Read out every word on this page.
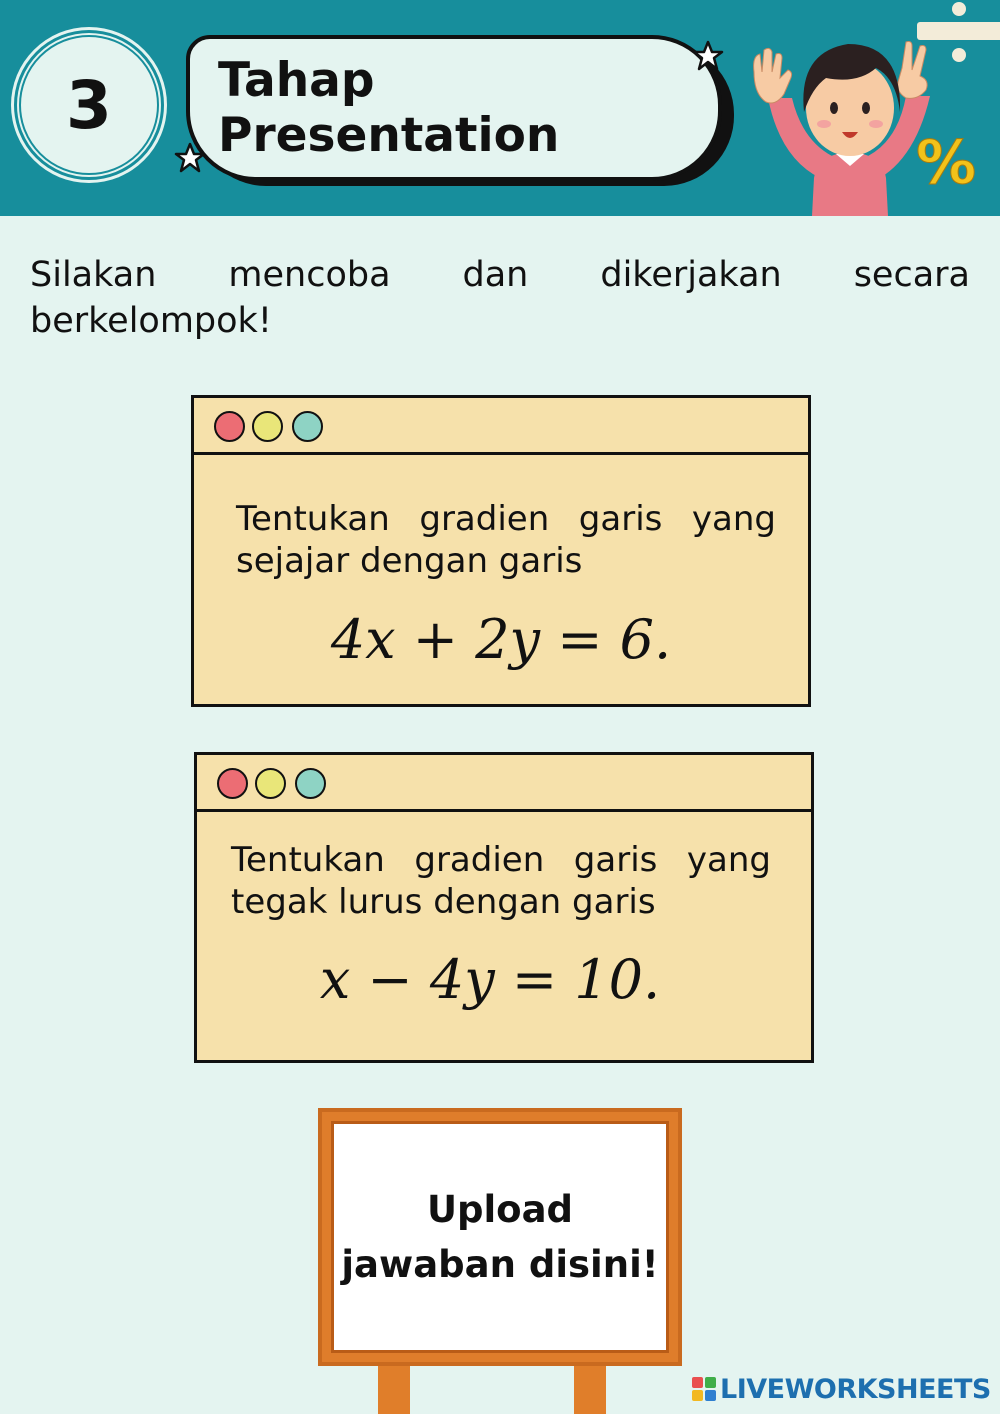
3 Tahap Presentation	%

Silakan mencoba dan dikerjakan secara berkelompok!

Tentukan gradien garis yang sejajar dengan garis

4x + 2y = 6.

Tentukan gradien garis yang tegak lurus dengan garis

x − 4y = 10.
Upload
jawaban disini!
LIVEWORKSHEETS
